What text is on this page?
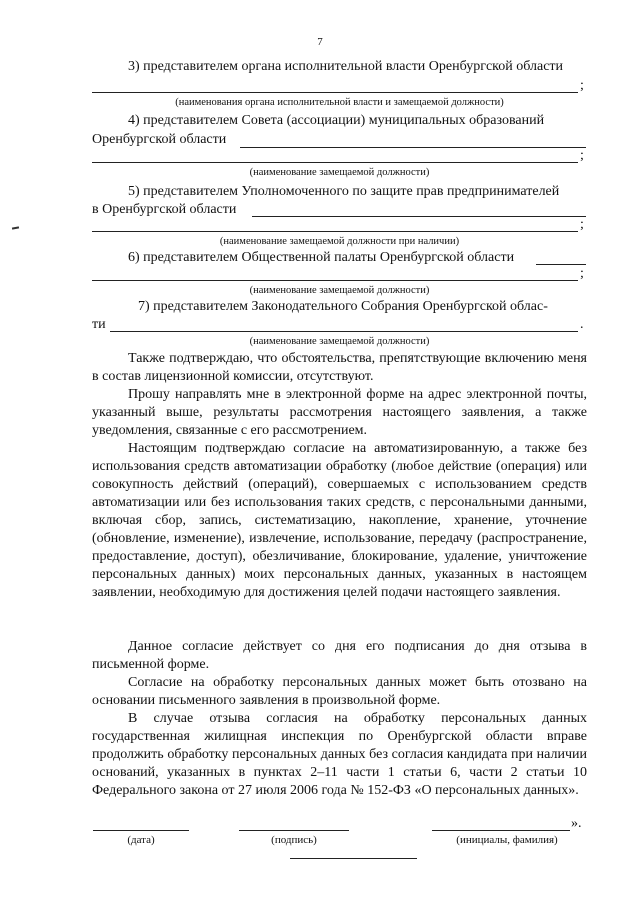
7
3) представителем органа исполнительной власти Оренбургской области
;
(наименования органа исполнительной власти и замещаемой должности)
4) представителем Совета (ассоциации) муниципальных образований
Оренбургской области
;
(наименование замещаемой должности)
5) представителем Уполномоченного по защите прав предпринимателей
в Оренбургской области
;
(наименование замещаемой должности при наличии)
6) представителем Общественной палаты Оренбургской области
;
(наименование замещаемой должности)
7) представителем Законодательного Собрания Оренбургской облас-
ти	.
(наименование замещаемой должности)

Также подтверждаю, что обстоятельства, препятствующие включению меня в состав лицензионной комиссии, отсутствуют.

Прошу направлять мне в электронной форме на адрес электронной почты, указанный выше, результаты рассмотрения настоящего заявления, а также уведомления, связанные с его рассмотрением.

Настоящим подтверждаю согласие на автоматизированную, а также без использования средств автоматизации обработку (любое действие (операция) или совокупность действий (операций), совершаемых с использованием средств автоматизации или без использования таких средств, с персональными данными, включая сбор, запись, систематизацию, накопление, хранение, уточнение (обновление, изменение), извлечение, использование, передачу (распространение, предоставление, доступ), обезличивание, блокирование, удаление, уничтожение персональных данных) моих персональных данных, указанных в настоящем заявлении, необходимую для достижения целей подачи настоящего заявления.

Данное согласие действует со дня его подписания до дня отзыва в письменной форме.

Согласие на обработку персональных данных может быть отозвано на основании письменного заявления в произвольной форме.

В случае отзыва согласия на обработку персональных данных государственная жилищная инспекция по Оренбургской области вправе продолжить обработку персональных данных без согласия кандидата при наличии оснований, указанных в пунктах 2–11 части 1 статьи 6, части 2 статьи 10 Федерального закона от 27 июля 2006 года № 152-ФЗ «О персональных данных».

».
(дата)	(подпись)	(инициалы, фамилия)
